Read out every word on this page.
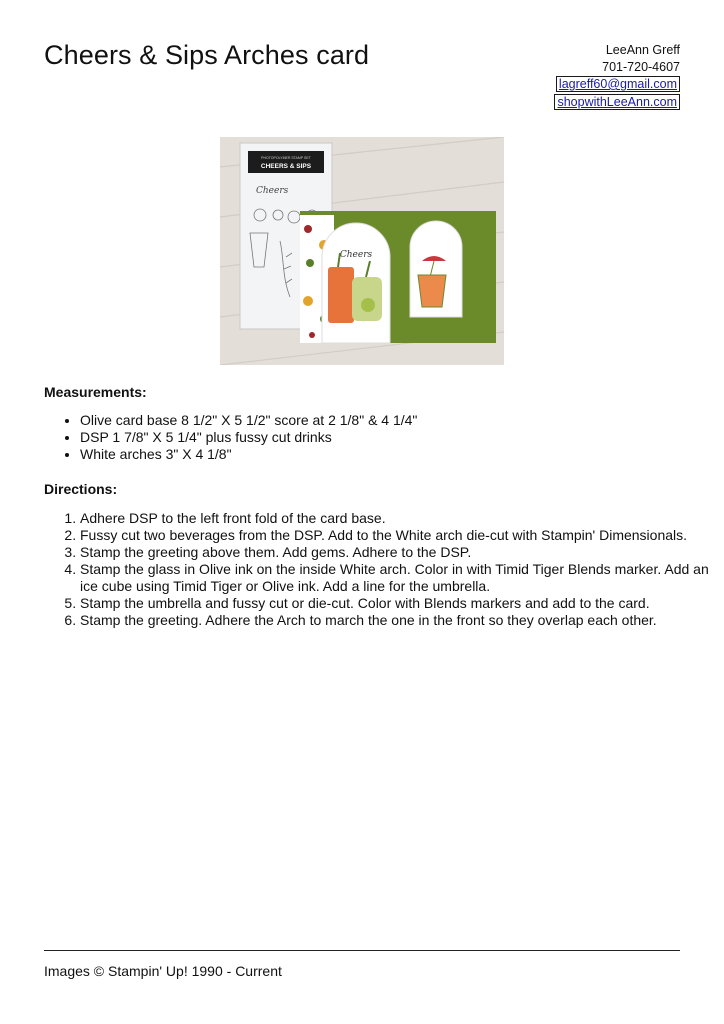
Cheers & Sips Arches card	LeeAnn Greff
701-720-4607
lagreff60@gmail.com
shopwithLeeAnn.com
PHOTOPOLYMER STAMP SET
CHEERS & SIPS
Cheers
Cheers
Measurements:
• Olive card base 8 1/2" X 5 1/2" score at 2 1/8" & 4 1/4"
• DSP 1 7/8" X 5 1/4" plus fussy cut drinks
• White arches 3" X 4 1/8"
Directions:
1. Adhere DSP to the left front fold of the card base.
2. Fussy cut two beverages from the DSP. Add to the White arch die-cut with Stampin' Dimensionals.
3. Stamp the greeting above them. Add gems. Adhere to the DSP.
4. Stamp the glass in Olive ink on the inside White arch. Color in with Timid Tiger Blends marker. Add an ice cube using Timid Tiger or Olive ink. Add a line for the umbrella.
5. Stamp the umbrella and fussy cut or die-cut. Color with Blends markers and add to the card.
6. Stamp the greeting. Adhere the Arch to march the one in the front so they overlap each other.
Images © Stampin' Up! 1990 - Current
